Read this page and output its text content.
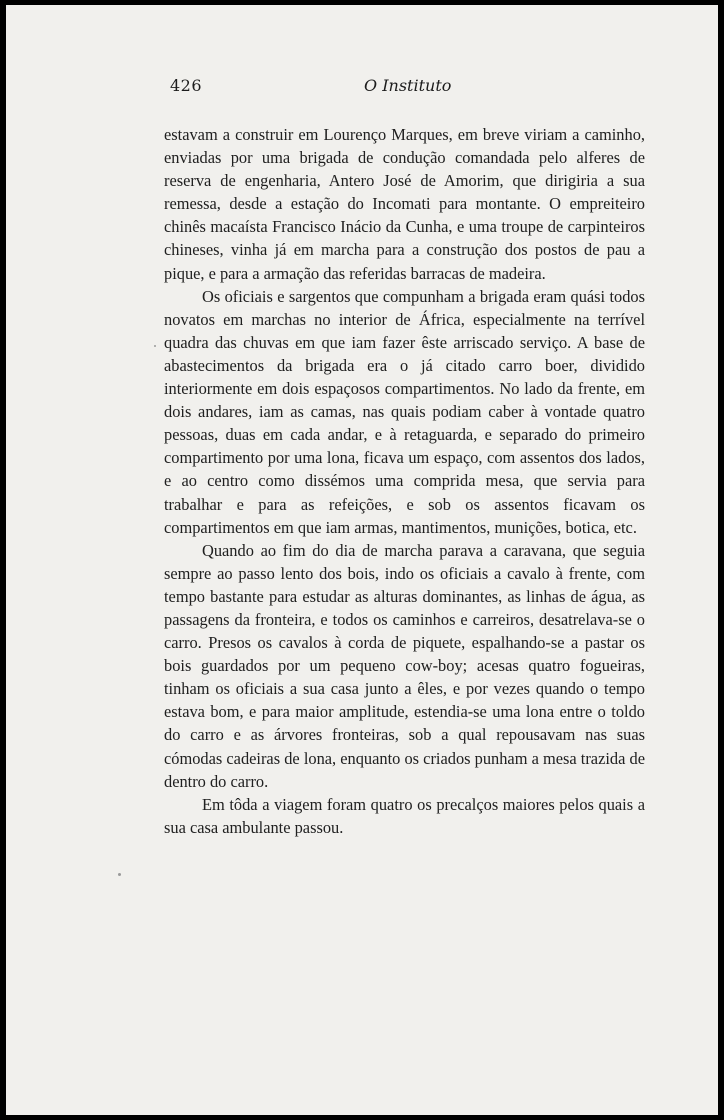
426	O Instituto

estavam a construir em Lourenço Marques, em breve viriam a caminho, enviadas por uma brigada de condução comandada pelo alferes de reserva de engenharia, Antero José de Amorim, que dirigiria a sua remessa, desde a estação do Incomati para montante. O empreiteiro chinês macaísta Francisco Inácio da Cunha, e uma troupe de carpinteiros chineses, vinha já em marcha para a construção dos postos de pau a pique, e para a armação das referidas barracas de madeira.

Os oficiais e sargentos que compunham a brigada eram quási todos novatos em marchas no interior de África, especialmente na terrível quadra das chuvas em que iam fazer êste arriscado serviço. A base de abastecimentos da brigada era o já citado carro boer, dividido interiormente em dois espaçosos compartimentos. No lado da frente, em dois andares, iam as camas, nas quais podiam caber à vontade quatro pessoas, duas em cada andar, e à retaguarda, e separado do primeiro compartimento por uma lona, ficava um espaço, com assentos dos lados, e ao centro como dissémos uma comprida mesa, que servia para trabalhar e para as refeições, e sob os assentos ficavam os compartimentos em que iam armas, mantimentos, munições, botica, etc.

Quando ao fim do dia de marcha parava a caravana, que seguia sempre ao passo lento dos bois, indo os oficiais a cavalo à frente, com tempo bastante para estudar as alturas dominantes, as linhas de água, as passagens da fronteira, e todos os caminhos e carreiros, desatrelava-se o carro. Presos os cavalos à corda de piquete, espalhando-se a pastar os bois guardados por um pequeno cow-boy; acesas quatro fogueiras, tinham os oficiais a sua casa junto a êles, e por vezes quando o tempo estava bom, e para maior amplitude, estendia-se uma lona entre o toldo do carro e as árvores fronteiras, sob a qual repousavam nas suas cómodas cadeiras de lona, enquanto os criados punham a mesa trazida de dentro do carro.

Em tôda a viagem foram quatro os precalços maiores pelos quais a sua casa ambulante passou.
